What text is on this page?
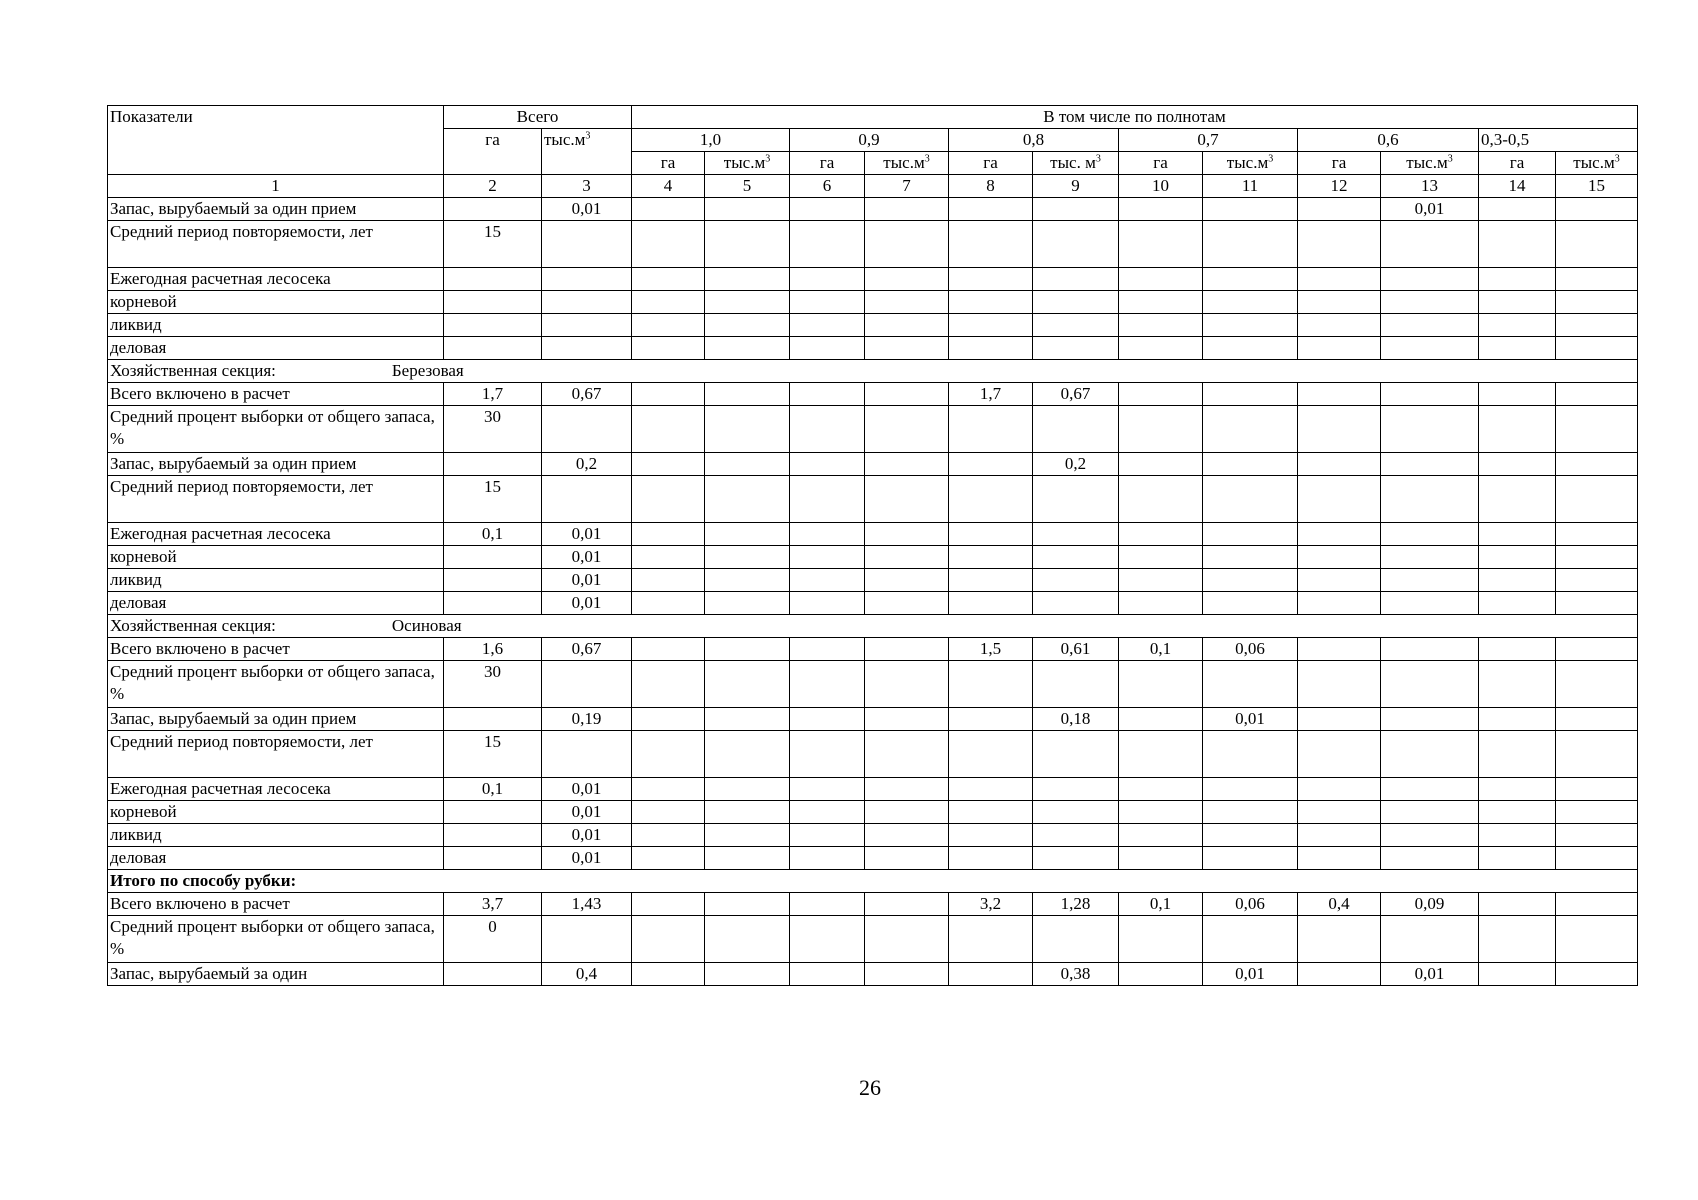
Показатели	Всего		В том числе по полнотам											
	га	$тыс.м^3$	1,0		0,9		0,8		0,7		0,6		0,3-0,5	
			га	$тыс.м^3$	га	$тыс.м^3$	га	тыс. $м^3$	га	$тыс.м^3$	га	$тыс.м^3$	га	$тыс.м^3$
1	2	3	4	5	6	7	8	9	10	11	12	13	14	15
Запас, вырубаемый за один прием		0,01										0,01		
Средний период повторяемости, лет	15													
Ежегодная расчетная лесосека														
корневой														
ликвид														
деловая														
Хозяйственная секция: Березовая														
Всего включено в расчет	1,7	0,67					1,7	0,67						
Средний процент выборки от общего запаса, %	30													
Запас, вырубаемый за один прием		0,2						0,2						
Средний период повторяемости, лет	15													
Ежегодная расчетная лесосека	0,1	0,01												
корневой		0,01												
ликвид		0,01												
деловая		0,01												
Хозяйственная секция: Осиновая														
Всего включено в расчет	1,6	0,67					1,5	0,61	0,1	0,06				
Средний процент выборки от общего запаса, %	30													
Запас, вырубаемый за один прием		0,19						0,18		0,01				
Средний период повторяемости, лет	15													
Ежегодная расчетная лесосека	0,1	0,01												
корневой		0,01												
ликвид		0,01												
деловая		0,01												
Итого по способу рубки:														
Всего включено в расчет	3,7	1,43					3,2	1,28	0,1	0,06	0,4	0,09		
Средний процент выборки от общего запаса, %	0													
Запас, вырубаемый за один		0,4						0,38		0,01		0,01		
26
